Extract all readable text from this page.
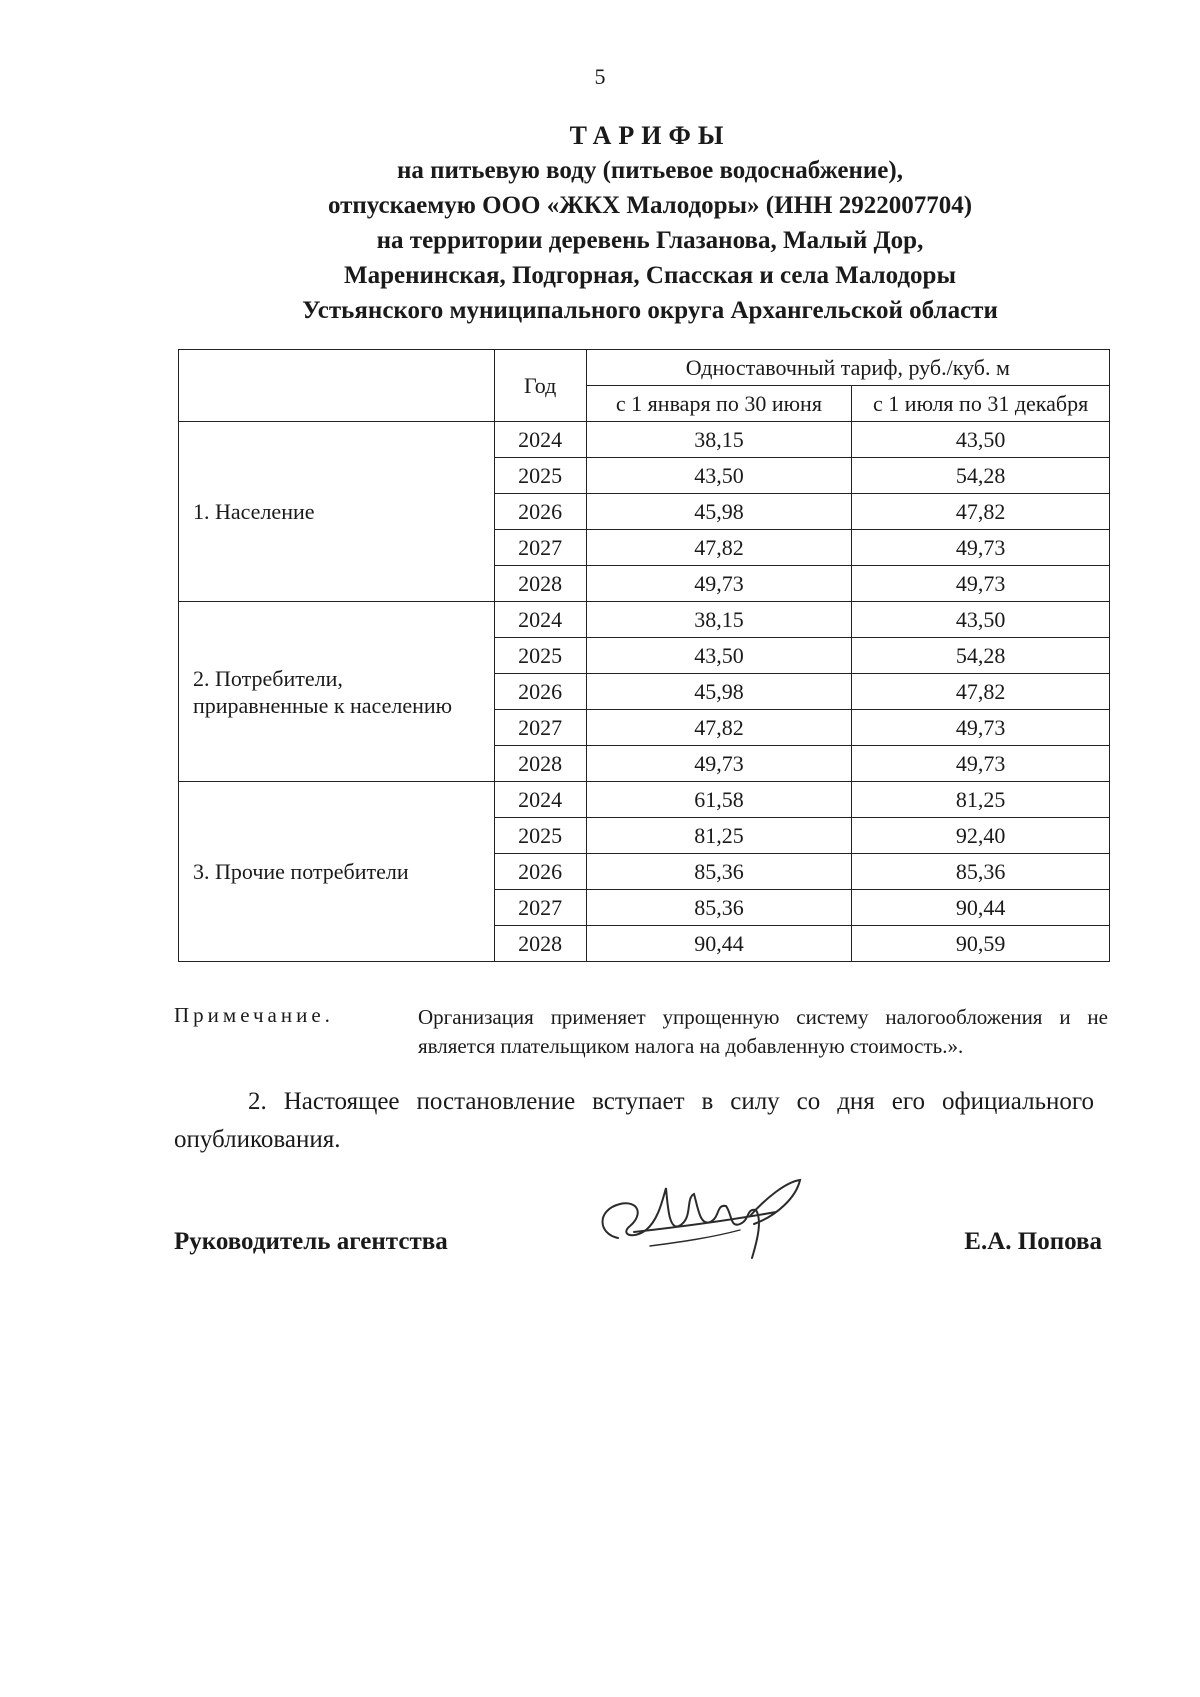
5
ТАРИФЫ
на питьевую воду (питьевое водоснабжение),
отпускаемую ООО «ЖКХ Малодоры» (ИНН 2922007704)
на территории деревень Глазанова, Малый Дор,
Маренинская, Подгорная, Спасская и села Малодоры
Устьянского муниципального округа Архангельской области
	Год	Одноставочный тариф, руб./куб. м	
		с 1 января по 30 июня	с 1 июля по 31 декабря

1. Население	2024	38,15	43,50
	2025	43,50	54,28
	2026	45,98	47,82
	2027	47,82	49,73
	2028	49,73	49,73

2. Потребители,
приравненные к населению	2024	38,15	43,50
	2025	43,50	54,28
	2026	45,98	47,82
	2027	47,82	49,73
	2028	49,73	49,73

3. Прочие потребители	2024	61,58	81,25
	2025	81,25	92,40
	2026	85,36	85,36
	2027	85,36	90,44
	2028	90,44	90,59
Примечание.	Организация применяет упрощенную систему налогообложения и не является плательщиком налога на добавленную стоимость.».
2. Настоящее постановление вступает в силу со дня его официального опубликования.
Руководитель агентства	Е.А. Попова
